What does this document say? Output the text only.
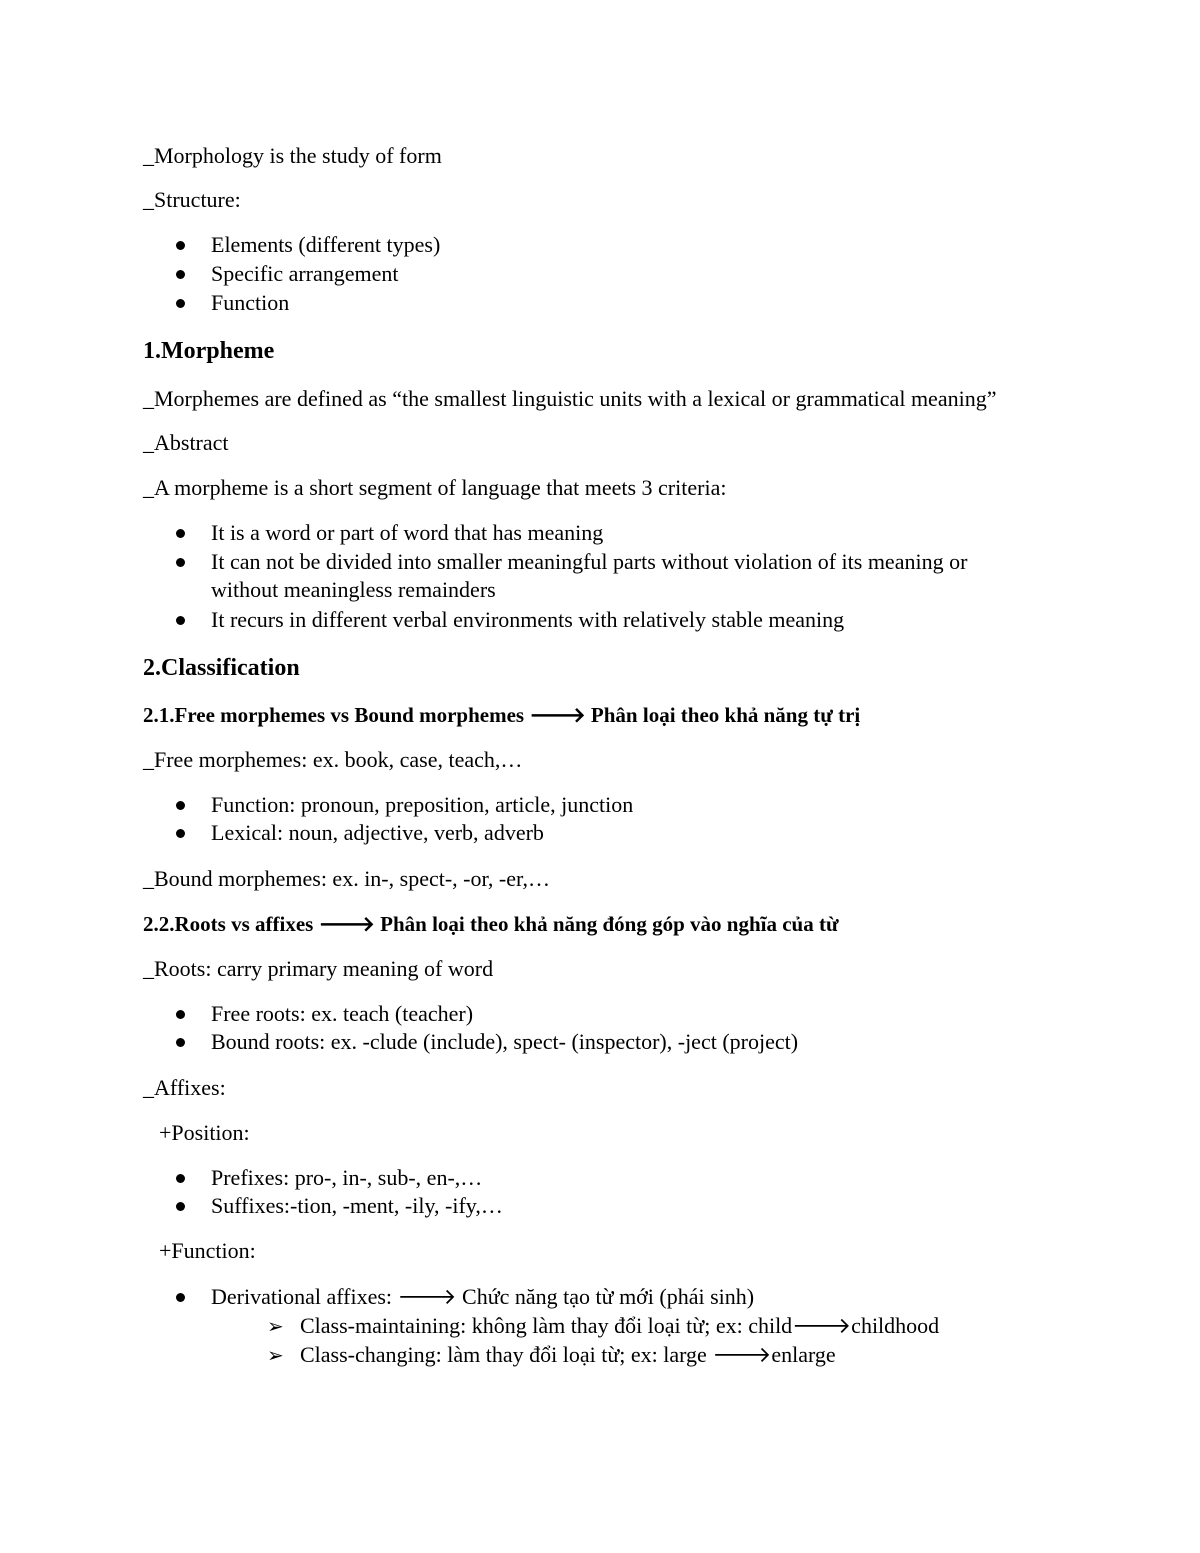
_Morphology is the study of form
_Structure:
Elements (different types)
Specific arrangement
Function
1.Morpheme
_Morphemes are defined as “the smallest linguistic units with a lexical or grammatical meaning”
_Abstract
_A morpheme is a short segment of language that meets 3 criteria:
It is a word or part of word that has meaning
It can not be divided into smaller meaningful parts without violation of its meaning or
without meaningless remainders
It recurs in different verbal environments with relatively stable meaning
2.Classification
2.1.Free morphemes vs Bound morphemes 🡒 Phân loại theo khả năng tự trị
_Free morphemes: ex. book, case, teach,…
Function: pronoun, preposition, article, junction
Lexical: noun, adjective, verb, adverb
_Bound morphemes: ex. in-, spect-, -or, -er,…
2.2.Roots vs affixes 🡒 Phân loại theo khả năng đóng góp vào nghĩa của từ
_Roots: carry primary meaning of word
Free roots: ex. teach (teacher)
Bound roots: ex. -clude (include), spect- (inspector), -ject (project)
_Affixes:
+Position:
Prefixes: pro-, in-, sub-, en-,…
Suffixes:-tion, -ment, -ily, -ify,…
+Function:
Derivational affixes: 🡒 Chức năng tạo từ mới (phái sinh)
➢ Class-maintaining: không làm thay đổi loại từ; ex: child🡒childhood
➢ Class-changing: làm thay đổi loại từ; ex: large 🡒enlarge
